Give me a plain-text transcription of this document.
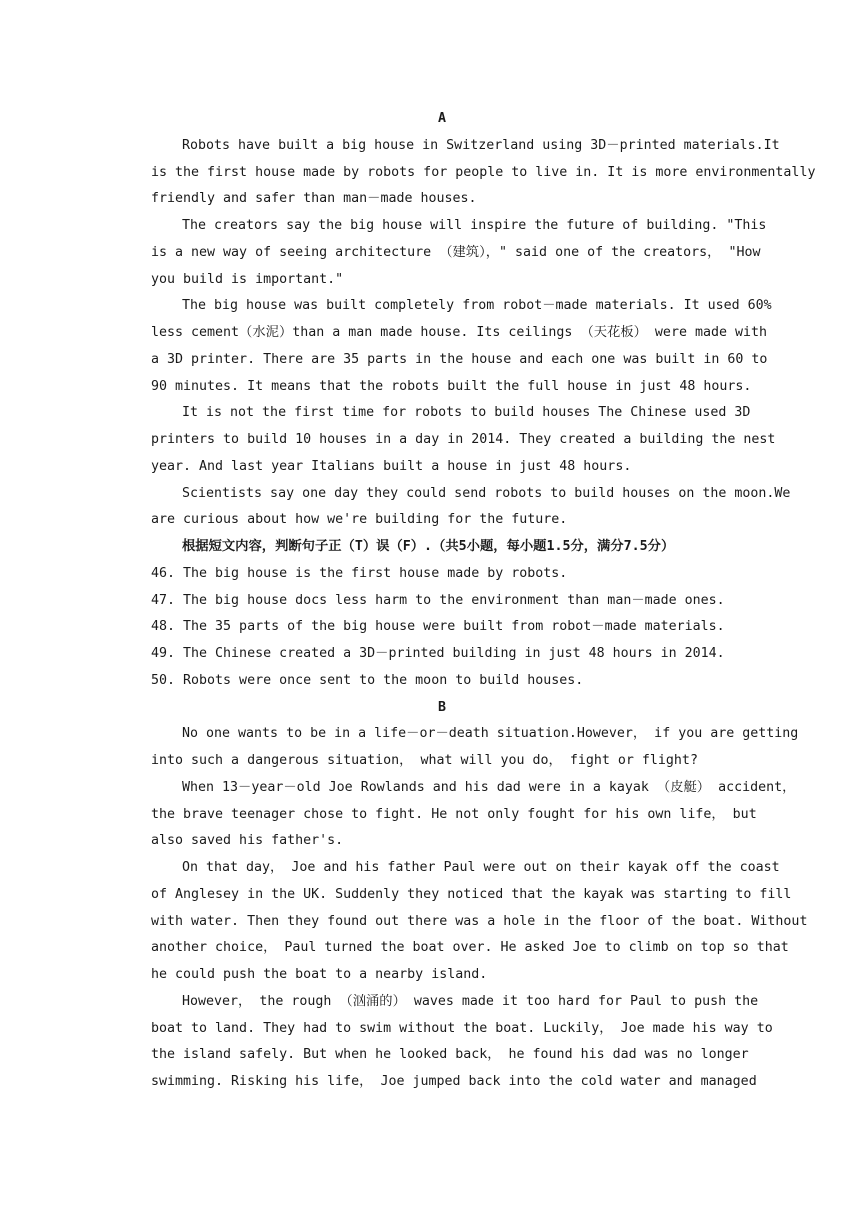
A
Robots have built a big house in Switzerland using 3D－printed materials.It
is the first house made by robots for people to live in. It is more environmentally
friendly and safer than man－made houses.
The creators say the big house will inspire the future of building. "This
is a new way of seeing architecture （建筑），" said one of the creators， "How
you build is important."
The big house was built completely from robot－made materials. It used 60%
less cement（水泥）than a man made house. Its ceilings （天花板） were made with
a 3D printer. There are 35 parts in the house and each one was built in 60 to
90 minutes. It means that the robots built the full house in just 48 hours.
It is not the first time for robots to build houses The Chinese used 3D
printers to build 10 houses in a day in 2014. They created a building the nest
year. And last year Italians built a house in just 48 hours.
Scientists say one day they could send robots to build houses on the moon.We
are curious about how we're building for the future.
根据短文内容，判断句子正（T）误（F）.（共5小题，每小题1.5分，满分7.5分）
46. The big house is the first house made by robots.
47. The big house docs less harm to the environment than man－made ones.
48. The 35 parts of the big house were built from robot－made materials.
49. The Chinese created a 3D－printed building in just 48 hours in 2014.
50. Robots were once sent to the moon to build houses.
B
No one wants to be in a life－or－death situation.However， if you are getting
into such a dangerous situation， what will you do， fight or flight?
When 13－year－old Joe Rowlands and his dad were in a kayak （皮艇） accident，
the brave teenager chose to fight. He not only fought for his own life， but
also saved his father's.
On that day， Joe and his father Paul were out on their kayak off the coast
of Anglesey in the UK. Suddenly they noticed that the kayak was starting to fill
with water. Then they found out there was a hole in the floor of the boat. Without
another choice， Paul turned the boat over. He asked Joe to climb on top so that
he could push the boat to a nearby island.
However， the rough （汹涌的） waves made it too hard for Paul to push the
boat to land. They had to swim without the boat. Luckily， Joe made his way to
the island safely. But when he looked back， he found his dad was no longer
swimming. Risking his life， Joe jumped back into the cold water and managed
